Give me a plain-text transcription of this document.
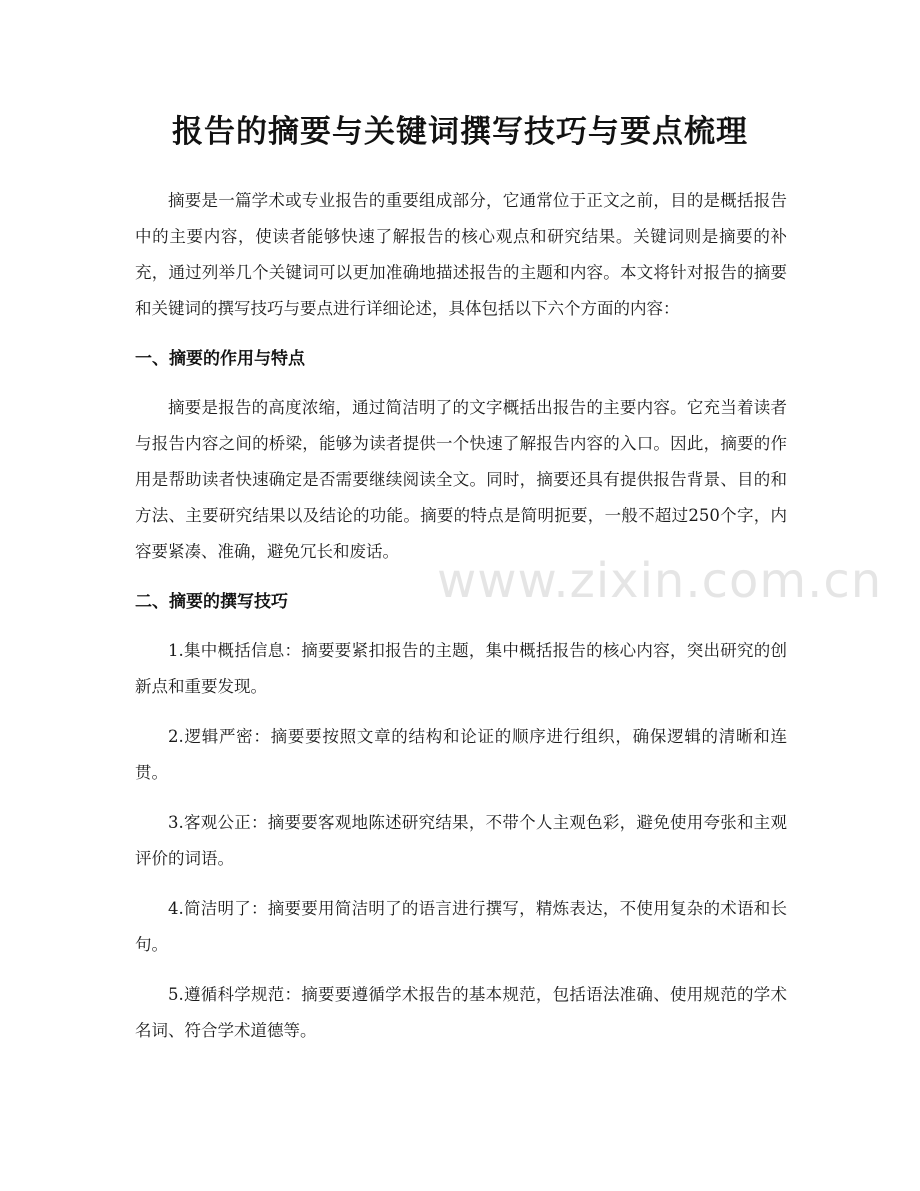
报告的摘要与关键词撰写技巧与要点梳理

摘要是一篇学术或专业报告的重要组成部分，它通常位于正文之前，目的是概括报告中的主要内容，使读者能够快速了解报告的核心观点和研究结果。关键词则是摘要的补充，通过列举几个关键词可以更加准确地描述报告的主题和内容。本文将针对报告的摘要和关键词的撰写技巧与要点进行详细论述，具体包括以下六个方面的内容：

一、摘要的作用与特点

摘要是报告的高度浓缩，通过简洁明了的文字概括出报告的主要内容。它充当着读者与报告内容之间的桥梁，能够为读者提供一个快速了解报告内容的入口。因此，摘要的作用是帮助读者快速确定是否需要继续阅读全文。同时，摘要还具有提供报告背景、目的和方法、主要研究结果以及结论的功能。摘要的特点是简明扼要，一般不超过250个字，内容要紧凑、准确，避免冗长和废话。

二、摘要的撰写技巧

1.集中概括信息：摘要要紧扣报告的主题，集中概括报告的核心内容，突出研究的创新点和重要发现。

2.逻辑严密：摘要要按照文章的结构和论证的顺序进行组织，确保逻辑的清晰和连贯。

3.客观公正：摘要要客观地陈述研究结果，不带个人主观色彩，避免使用夸张和主观评价的词语。

4.简洁明了：摘要要用简洁明了的语言进行撰写，精炼表达，不使用复杂的术语和长句。

5.遵循科学规范：摘要要遵循学术报告的基本规范，包括语法准确、使用规范的学术名词、符合学术道德等。

www.zixin.com.cn
